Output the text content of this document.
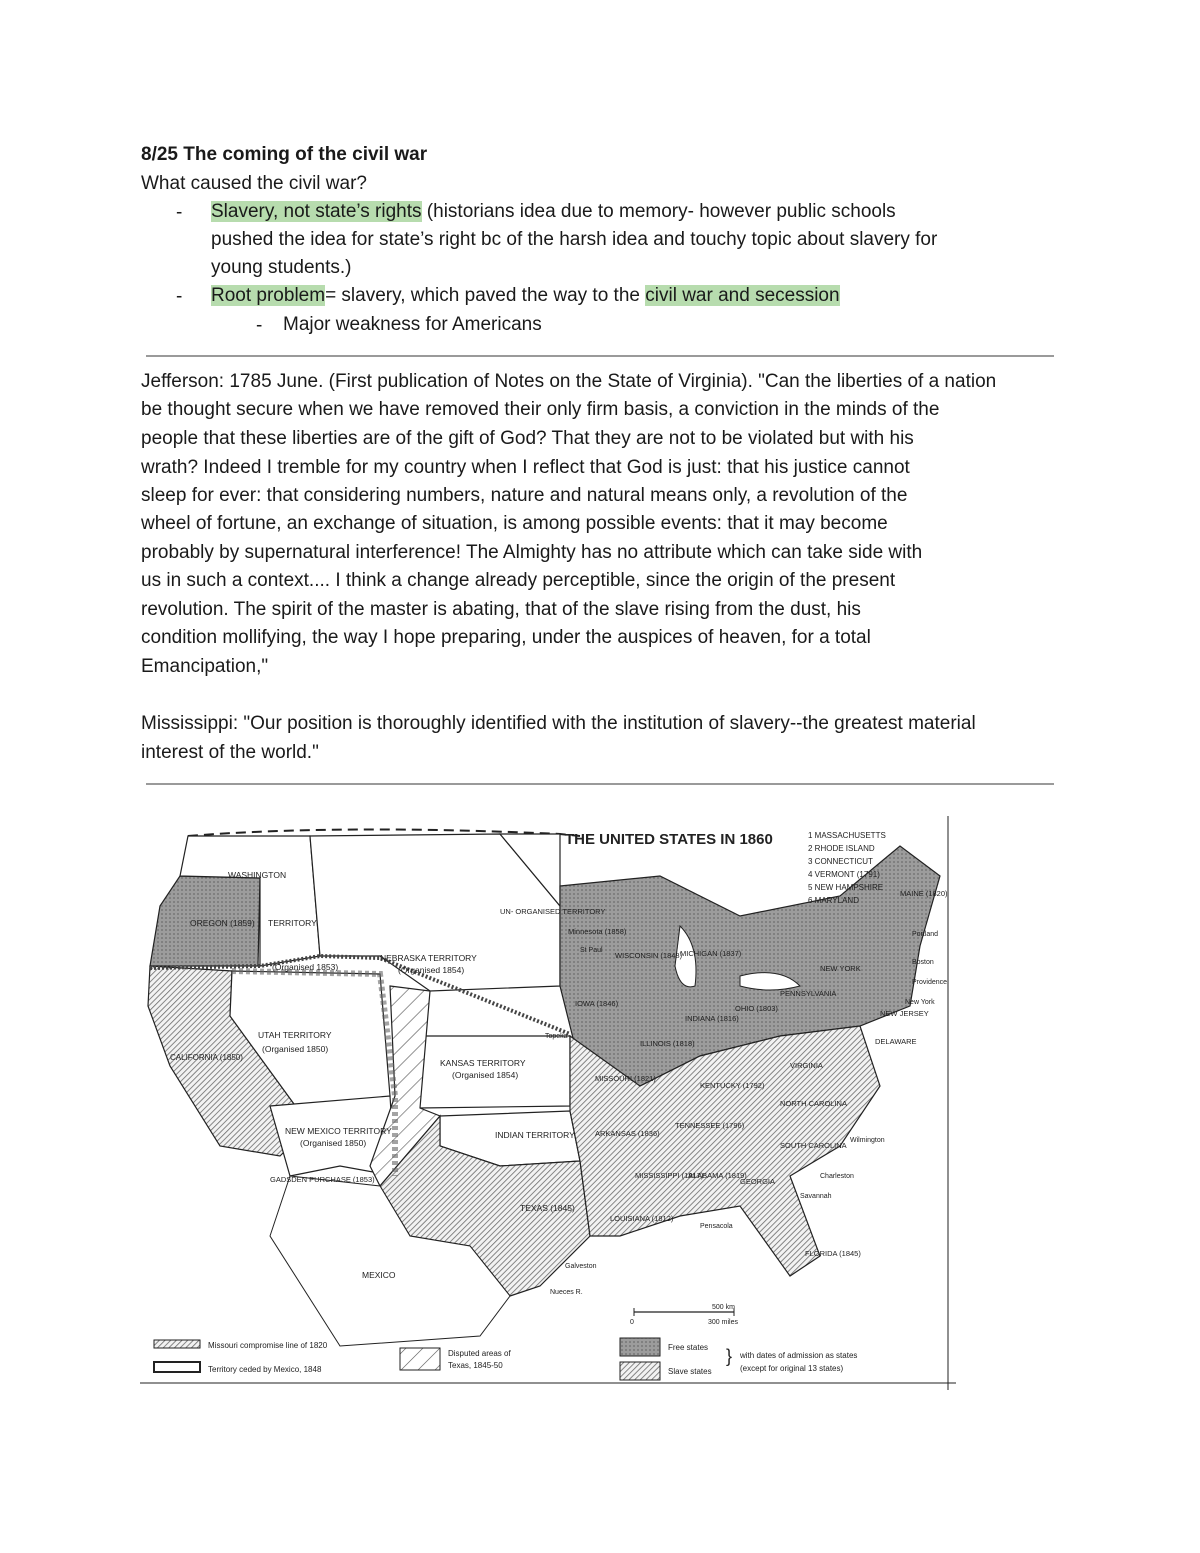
8/25 The coming of the civil war
What caused the civil war?
- Slavery, not state’s rights (historians idea due to memory- however public schools
pushed the idea for state’s right bc of the harsh idea and touchy topic about slavery for
young students.)
- Root problem= slavery, which paved the way to the civil war and secession
- Major weakness for Americans
Jefferson: 1785 June. (First publication of Notes on the State of Virginia). "Can the liberties of a nation
be thought secure when we have removed their only firm basis, a conviction in the minds of the
people that these liberties are of the gift of God? That they are not to be violated but with his
wrath? Indeed I tremble for my country when I reflect that God is just: that his justice cannot
sleep for ever: that considering numbers, nature and natural means only, a revolution of the
wheel of fortune, an exchange of situation, is among possible events: that it may become
probably by supernatural interference! The Almighty has no attribute which can take side with
us in such a context.... I think a change already perceptible, since the origin of the present
revolution. The spirit of the master is abating, that of the slave rising from the dust, his
condition mollifying, the way I hope preparing, under the auspices of heaven, for a total
Emancipation,"
Mississippi: "Our position is thoroughly identified with the institution of slavery--the greatest material
interest of the world."
THE UNITED STATES IN 1860	1 MASSACHUSETTS
2 RHODE ISLAND
3 CONNECTICUT
4 VERMONT (1791)
5 NEW HAMPSHIRE
6 MARYLAND
WASHINGTON
TERRITORY
(Organised 1853)
OREGON (1859)
NEBRASKA TERRITORY
(Organised 1854)
UN- ORGANISED TERRITORY
UTAH TERRITORY
(Organised 1850)
CALIFORNIA (1850)
KANSAS TERRITORY
(Organised 1854)
NEW MEXICO TERRITORY
(Organised 1850)
GADSDEN PURCHASE (1853)
INDIAN TERRITORY
TEXAS (1845)
MEXICO
Minnesota (1858)
WISCONSIN (1848)
MICHIGAN (1837)
IOWA (1846)
ILLINOIS (1818)
INDIANA (1816)
OHIO (1803)
MISSOURI (1821)
KENTUCKY (1792)
TENNESSEE (1796)
VIRGINIA
NORTH CAROLINA
SOUTH CAROLINA
GEORGIA
ALABAMA (1819)
MISSISSIPPI (1817)
LOUISIANA (1812)
ARKANSAS (1836)
FLORIDA (1845)
NEW YORK
PENNSYLVANIA
MAINE (1820)
NEW JERSEY
DELAWARE
Portland
Boston
Providence
New York
Wilmington
Charleston
Savannah
Galveston
Pensacola
Nueces R.
Topeka
St Paul
500 km
300 miles
0
Missouri compromise line of 1820
Territory ceded by Mexico, 1848
Disputed areas of
Texas, 1845-50
Free states
Slave states
} with dates of admission as states
(except for original 13 states)
